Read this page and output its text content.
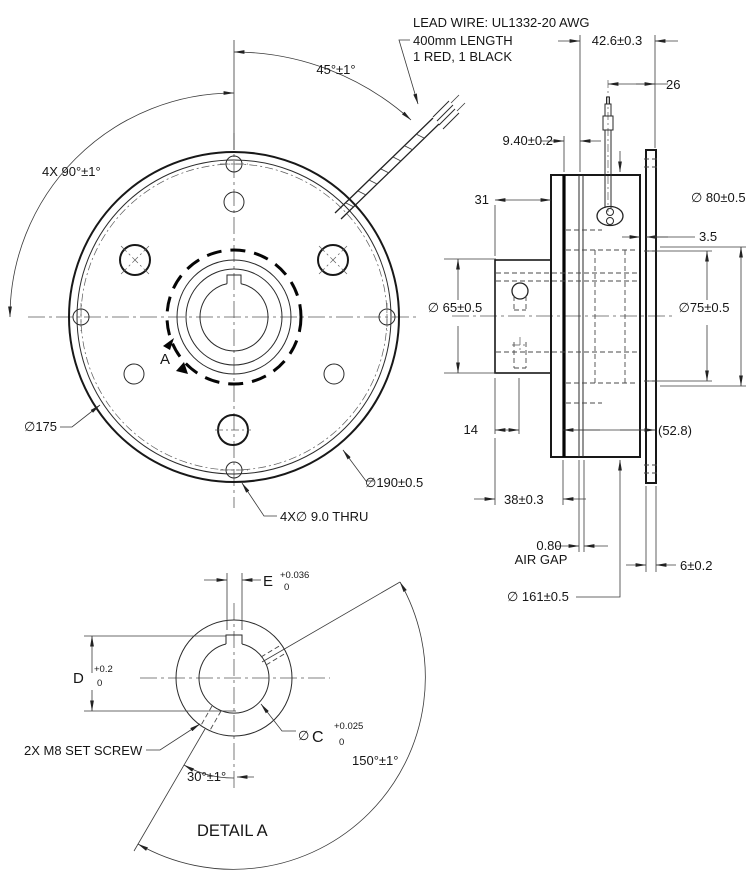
A
45°±1°
4X 90°±1°
∅175
∅190±0.5
4X∅ 9.0 THRU
LEAD WIRE: UL1332-20 AWG
400mm LENGTH
1 RED, 1 BLACK
42.6±0.3
26
9.40±0.2
31
∅ 65±0.5	∅75±0.5
∅ 80±0.5
3.5
14	(52.8)
38±0.3
0.80
AIR GAP	6±0.2
∅ 161±0.5
E +0.036
0
D
+0.2
0
∅ C
+0.025
0
2X M8 SET SCREW
30°±1°
150°±1°
DETAIL A
